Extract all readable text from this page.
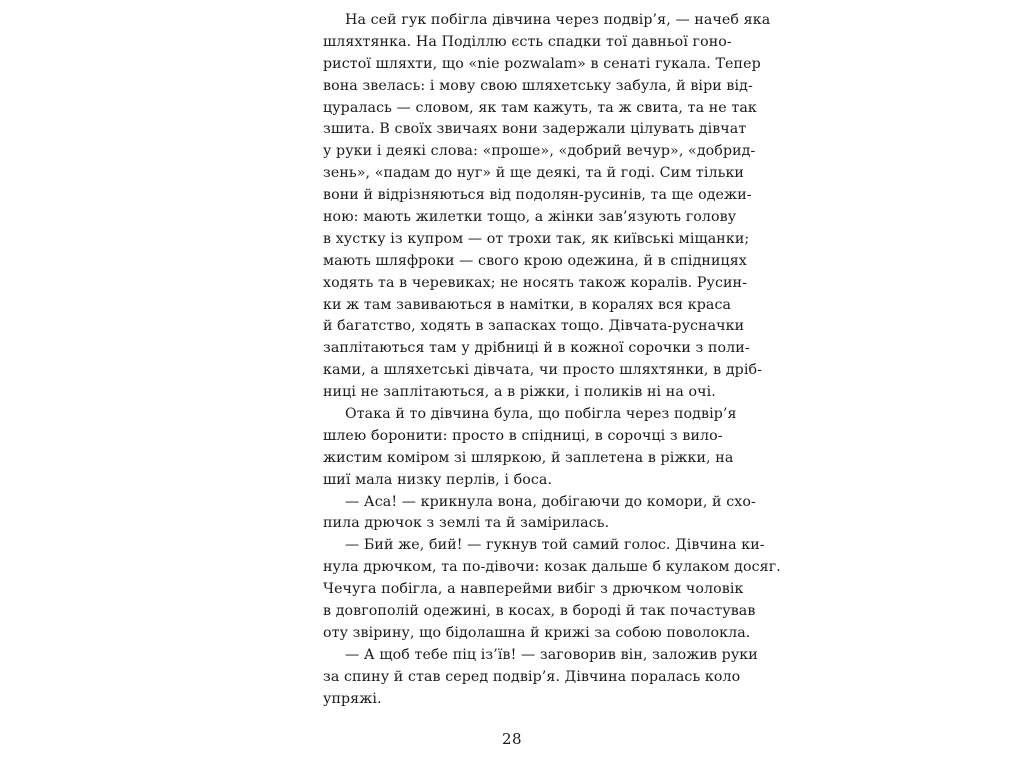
На сей гук побігла дівчина через подвір’я, — начеб яка
шляхтянка. На Поділлю єсть спадки тої давньої гоно-
ристої шляхти, що «nie pozwalam» в сенаті гукала. Тепер
вона звелась: і мову свою шляхетську забула, й віри від-
цуралась — словом, як там кажуть, та ж свита, та не так
зшита. В своїх звичаях вони задержали цілувать дівчат
у руки і деякі слова: «проше», «добрий вечур», «добрид-
зень», «падам до нуг» й ще деякі, та й годі. Сим тільки
вони й відрізняються від подолян-русинів, та ще одежи-
ною: мають жилетки тощо, а жінки зав’язують голову
в хустку із купром — от трохи так, як київські міщанки;
мають шляфроки — свого крою одежина, й в спідницях
ходять та в черевиках; не носять також коралів. Русин-
ки ж там завиваються в намітки, в коралях вся краса
й багатство, ходять в запасках тощо. Дівчата-русначки
заплітаються там у дрібниці й в кожної сорочки з поли-
ками, а шляхетські дівчата, чи просто шляхтянки, в дріб-
ниці не заплітаються, а в ріжки, і поликів ні на очі.
Отака й то дівчина була, що побігла через подвір’я
шлею боронити: просто в спідниці, в сорочці з вило-
жистим коміром зі шляркою, й заплетена в ріжки, на
шиї мала низку перлів, і боса.
— Аса! — крикнула вона, добігаючи до комори, й схо-
пила дрючок з землі та й замірилась.
— Бий же, бий! — гукнув той самий голос. Дівчина ки-
нула дрючком, та по-дівочи: козак дальше б кулаком досяг.
Чечуга побігла, а навперейми вибіг з дрючком чоловік
в довгополій одежині, в косах, в бороді й так почастував
оту звірину, що бідолашна й крижі за собою поволокла.
— А щоб тебе піц із’їв! — заговорив він, заложив руки
за спину й став серед подвір’я. Дівчина поралась коло
упряжі.
28
